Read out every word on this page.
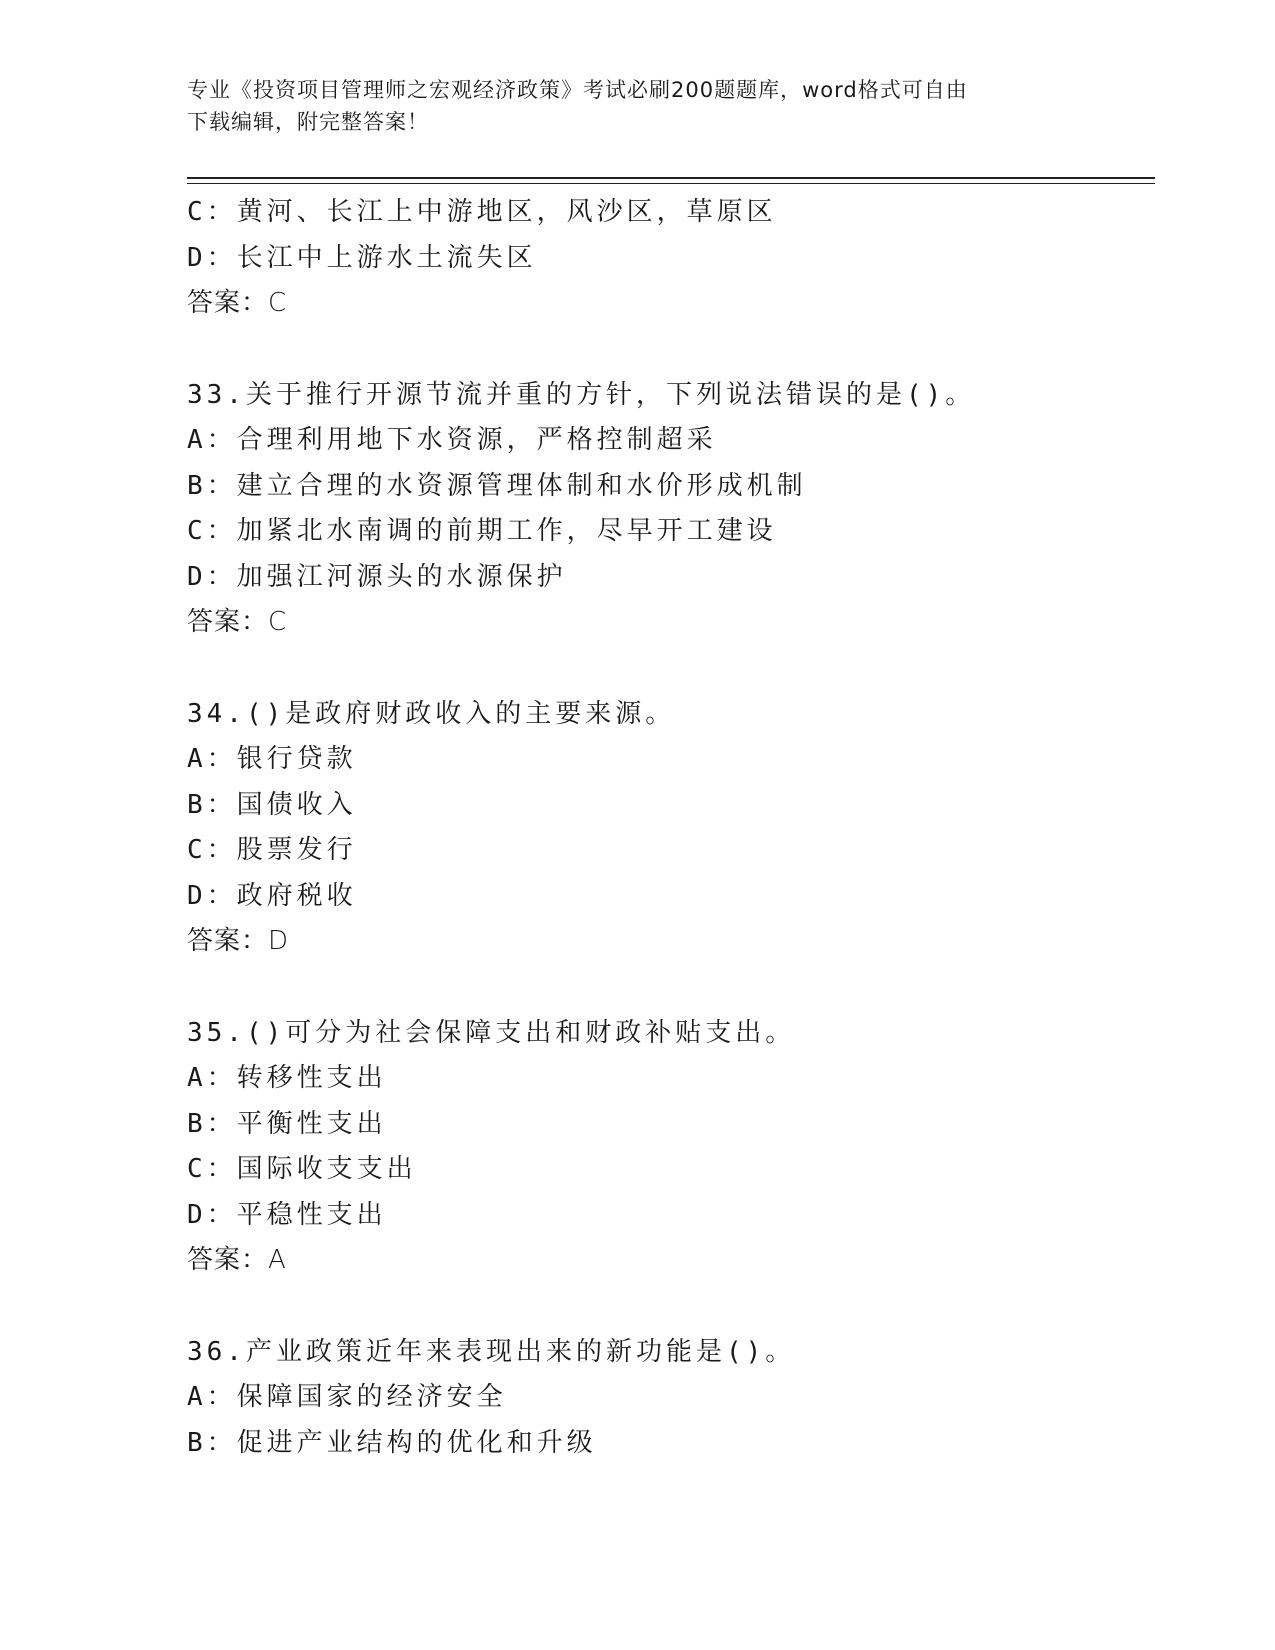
专业《投资项目管理师之宏观经济政策》考试必刷200题题库，word格式可自由
下载编辑，附完整答案！
C：黄河、长江上中游地区，风沙区，草原区
D：长江中上游水土流失区
答案：C
33.关于推行开源节流并重的方针，下列说法错误的是()。
A：合理利用地下水资源，严格控制超采
B：建立合理的水资源管理体制和水价形成机制
C：加紧北水南调的前期工作，尽早开工建设
D：加强江河源头的水源保护
答案：C
34.()是政府财政收入的主要来源。
A：银行贷款
B：国债收入
C：股票发行
D：政府税收
答案：D
35.()可分为社会保障支出和财政补贴支出。
A：转移性支出
B：平衡性支出
C：国际收支支出
D：平稳性支出
答案：A
36.产业政策近年来表现出来的新功能是()。
A：保障国家的经济安全
B：促进产业结构的优化和升级
